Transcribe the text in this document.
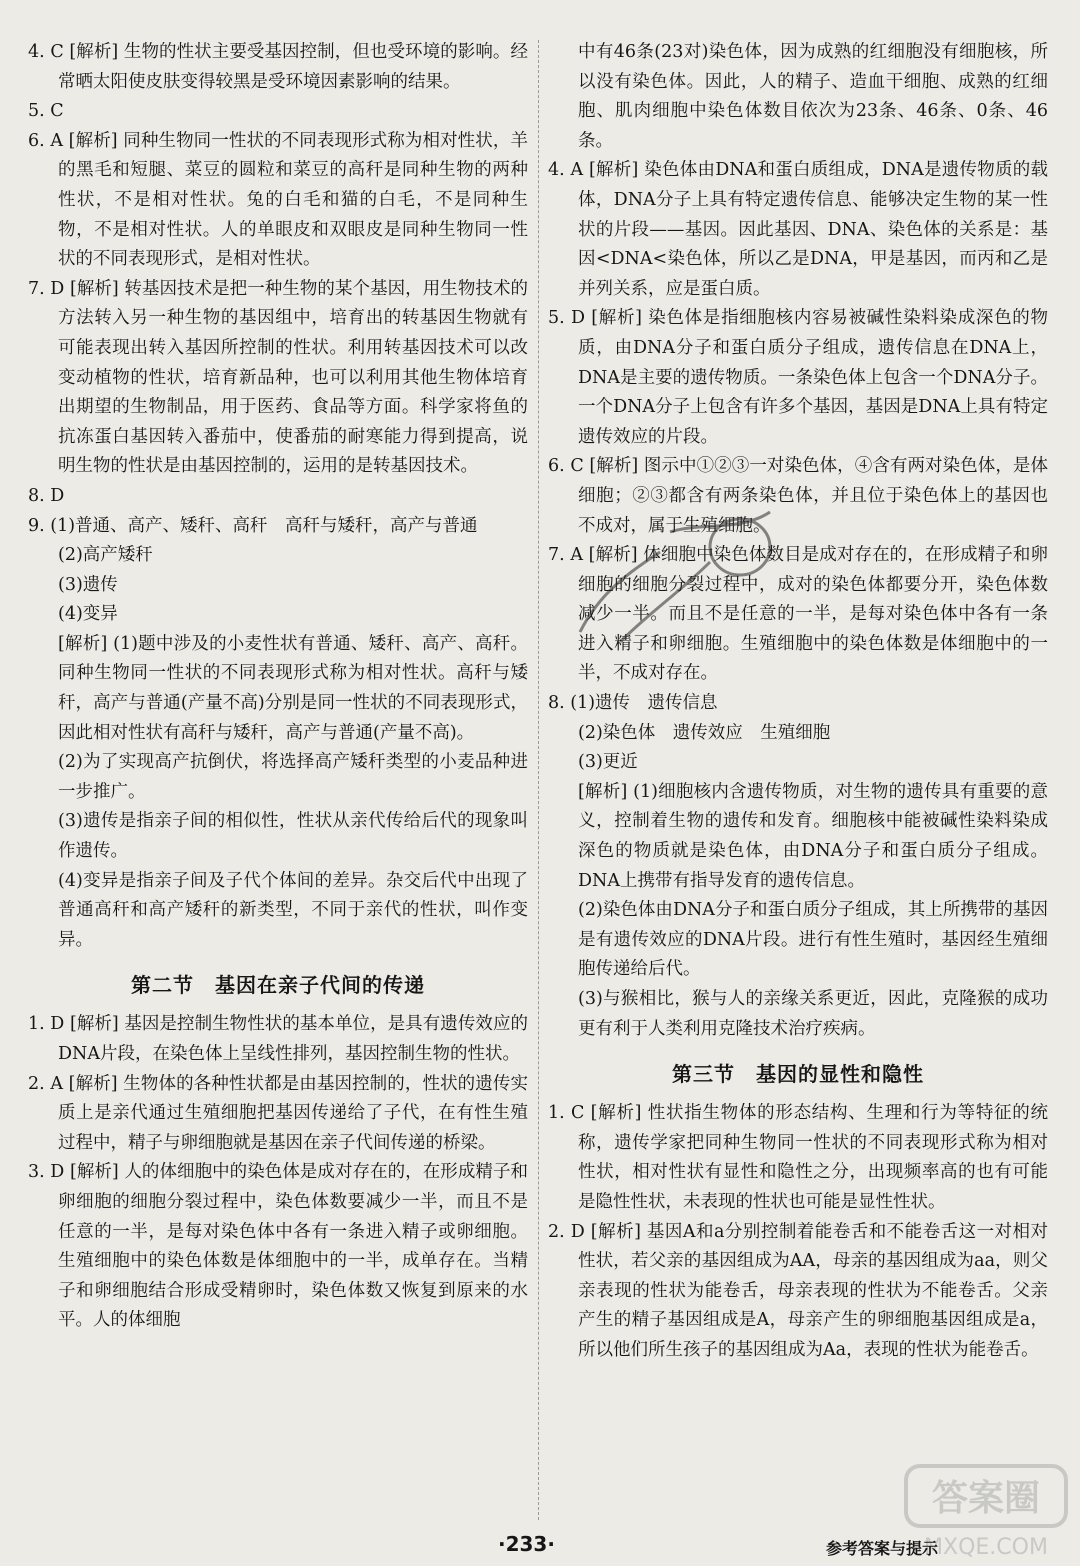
4. C [解析] 生物的性状主要受基因控制，但也受环境的影响。经常晒太阳使皮肤变得较黑是受环境因素影响的结果。

5. C

6. A [解析] 同种生物同一性状的不同表现形式称为相对性状，羊的黑毛和短腿、菜豆的圆粒和菜豆的高秆是同种生物的两种性状，不是相对性状。兔的白毛和猫的白毛，不是同种生物，不是相对性状。人的单眼皮和双眼皮是同种生物同一性状的不同表现形式，是相对性状。

7. D [解析] 转基因技术是把一种生物的某个基因，用生物技术的方法转入另一种生物的基因组中，培育出的转基因生物就有可能表现出转入基因所控制的性状。利用转基因技术可以改变动植物的性状，培育新品种，也可以利用其他生物体培育出期望的生物制品，用于医药、食品等方面。科学家将鱼的抗冻蛋白基因转入番茄中，使番茄的耐寒能力得到提高，说明生物的性状是由基因控制的，运用的是转基因技术。

8. D

9. (1)普通、高产、矮秆、高秆　高秆与矮秆，高产与普通

(2)高产矮秆

(3)遗传

(4)变异

[解析] (1)题中涉及的小麦性状有普通、矮秆、高产、高秆。同种生物同一性状的不同表现形式称为相对性状。高秆与矮秆，高产与普通(产量不高)分别是同一性状的不同表现形式，因此相对性状有高秆与矮秆，高产与普通(产量不高)。

(2)为了实现高产抗倒伏，将选择高产矮秆类型的小麦品种进一步推广。

(3)遗传是指亲子间的相似性，性状从亲代传给后代的现象叫作遗传。

(4)变异是指亲子间及子代个体间的差异。杂交后代中出现了普通高秆和高产矮秆的新类型，不同于亲代的性状，叫作变异。

第二节　基因在亲子代间的传递

1. D [解析] 基因是控制生物性状的基本单位，是具有遗传效应的DNA片段，在染色体上呈线性排列，基因控制生物的性状。

2. A [解析] 生物体的各种性状都是由基因控制的，性状的遗传实质上是亲代通过生殖细胞把基因传递给了子代，在有性生殖过程中，精子与卵细胞就是基因在亲子代间传递的桥梁。

3. D [解析] 人的体细胞中的染色体是成对存在的，在形成精子和卵细胞的细胞分裂过程中，染色体数要减少一半，而且不是任意的一半，是每对染色体中各有一条进入精子或卵细胞。生殖细胞中的染色体数是体细胞中的一半，成单存在。当精子和卵细胞结合形成受精卵时，染色体数又恢复到原来的水平。人的体细胞

中有46条(23对)染色体，因为成熟的红细胞没有细胞核，所以没有染色体。因此，人的精子、造血干细胞、成熟的红细胞、肌肉细胞中染色体数目依次为23条、46条、0条、46条。

4. A [解析] 染色体由DNA和蛋白质组成，DNA是遗传物质的载体，DNA分子上具有特定遗传信息、能够决定生物的某一性状的片段——基因。因此基因、DNA、染色体的关系是：基因<DNA<染色体，所以乙是DNA，甲是基因，而丙和乙是并列关系，应是蛋白质。

5. D [解析] 染色体是指细胞核内容易被碱性染料染成深色的物质，由DNA分子和蛋白质分子组成，遗传信息在DNA上，DNA是主要的遗传物质。一条染色体上包含一个DNA分子。一个DNA分子上包含有许多个基因，基因是DNA上具有特定遗传效应的片段。

6. C [解析] 图示中①②③一对染色体，④含有两对染色体，是体细胞；②③都含有两条染色体，并且位于染色体上的基因也不成对，属于生殖细胞。

7. A [解析] 体细胞中染色体数目是成对存在的，在形成精子和卵细胞的细胞分裂过程中，成对的染色体都要分开，染色体数减少一半。而且不是任意的一半，是每对染色体中各有一条进入精子和卵细胞。生殖细胞中的染色体数是体细胞中的一半，不成对存在。

8. (1)遗传　遗传信息

(2)染色体　遗传效应　生殖细胞

(3)更近

[解析] (1)细胞核内含遗传物质，对生物的遗传具有重要的意义，控制着生物的遗传和发育。细胞核中能被碱性染料染成深色的物质就是染色体，由DNA分子和蛋白质分子组成。DNA上携带有指导发育的遗传信息。

(2)染色体由DNA分子和蛋白质分子组成，其上所携带的基因是有遗传效应的DNA片段。进行有性生殖时，基因经生殖细胞传递给后代。

(3)与猴相比，猴与人的亲缘关系更近，因此，克隆猴的成功更有利于人类利用克隆技术治疗疾病。

第三节　基因的显性和隐性

1. C [解析] 性状指生物体的形态结构、生理和行为等特征的统称，遗传学家把同种生物同一性状的不同表现形式称为相对性状，相对性状有显性和隐性之分，出现频率高的也有可能是隐性性状，未表现的性状也可能是显性性状。

2. D [解析] 基因A和a分别控制着能卷舌和不能卷舌这一对相对性状，若父亲的基因组成为AA，母亲的基因组成为aa，则父亲表现的性状为能卷舌，母亲表现的性状为不能卷舌。父亲产生的精子基因组成是A，母亲产生的卵细胞基因组成是a，所以他们所生孩子的基因组成为Aa，表现的性状为能卷舌。

答案圈
MXQE.COM
·233·	参考答案与提示
